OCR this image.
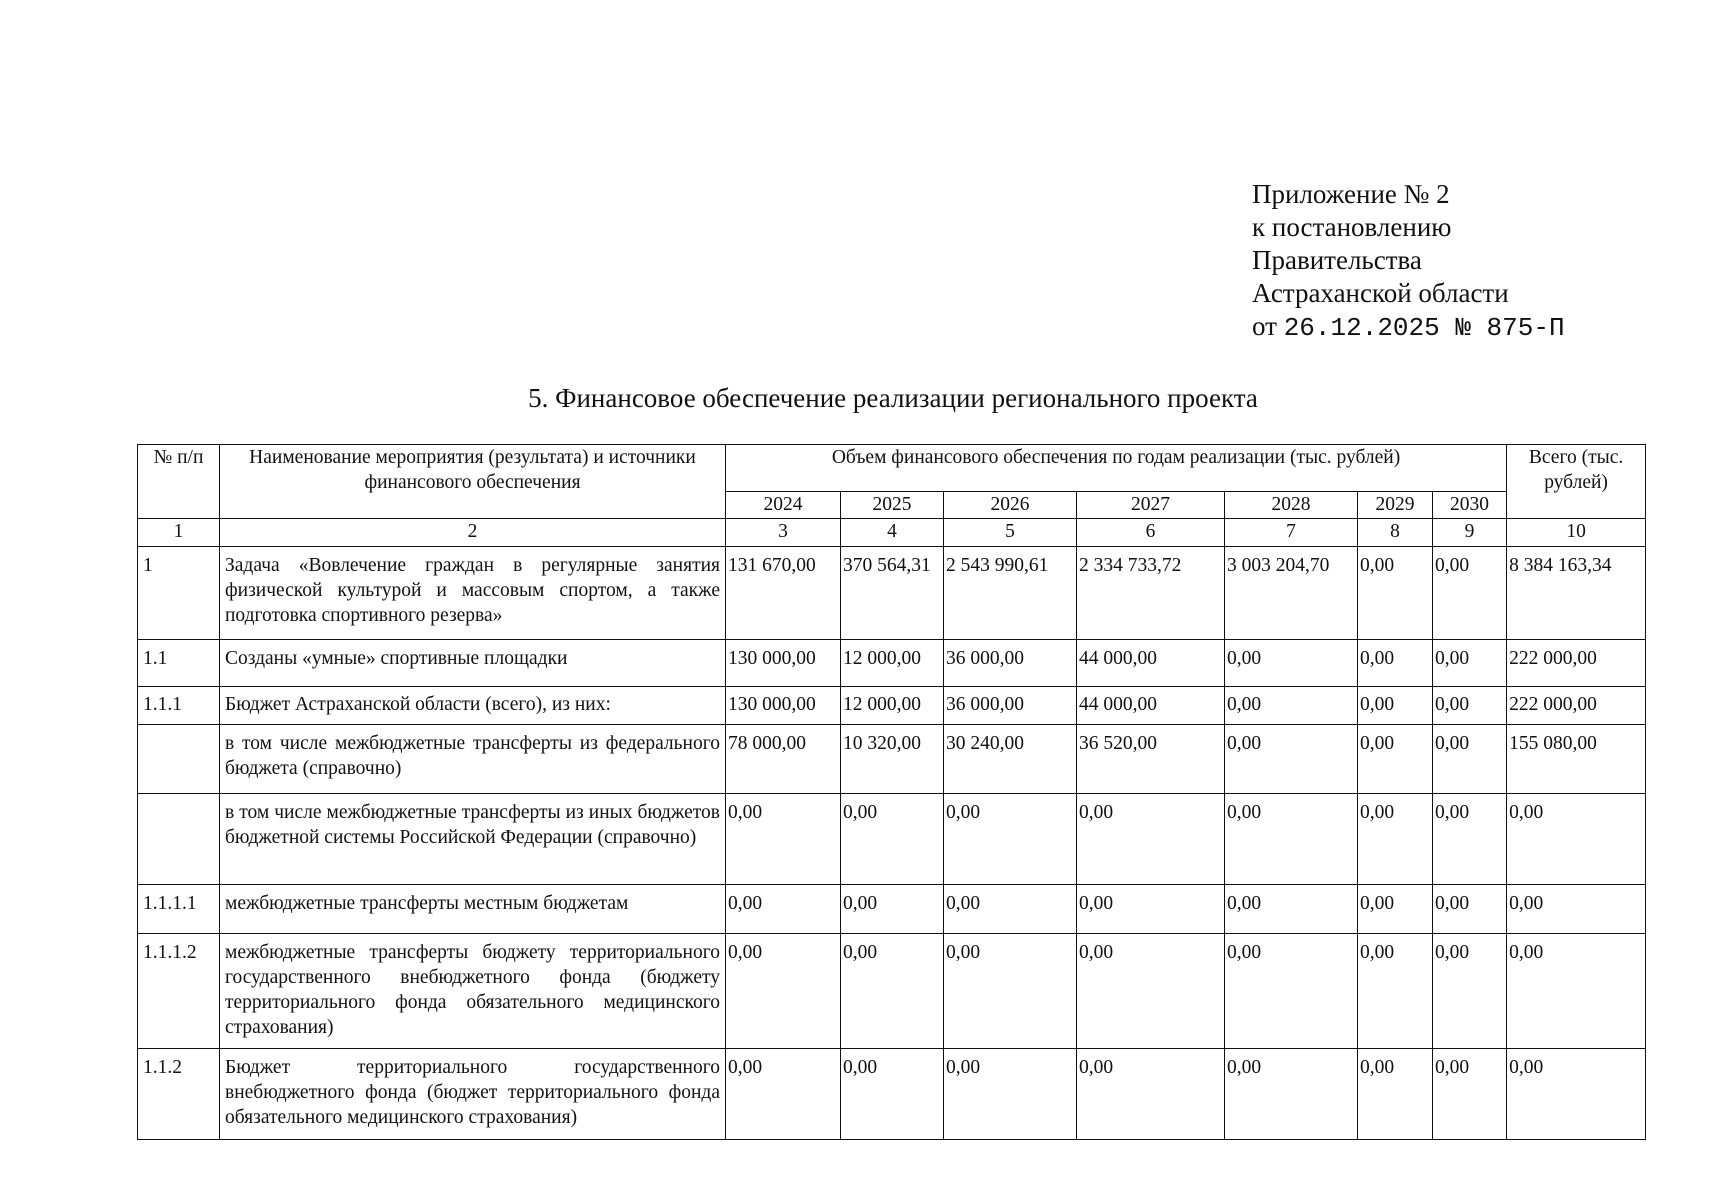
Приложение № 2
к постановлению
Правительства
Астраханской области
от 26.12.2025 № 875-П
5. Финансовое обеспечение реализации регионального проекта
№ п/п	Наименование мероприятия (результата) и источники финансового обеспечения	Объем финансового обеспечения по годам реализации (тыс. рублей)							Всего (тыс. рублей)
		2024	2025	2026	2027	2028	2029	2030	
1	2	3	4	5	6	7	8	9	10
1	Задача «Вовлечение граждан в регулярные занятия физической культурой и массовым спортом, а также подготовка спортивного резерва»	131 670,00	370 564,31	2 543 990,61	2 334 733,72	3 003 204,70	0,00	0,00	8 384 163,34
1.1	Созданы «умные» спортивные площадки	130 000,00	12 000,00	36 000,00	44 000,00	0,00	0,00	0,00	222 000,00
1.1.1	Бюджет Астраханской области (всего), из них:	130 000,00	12 000,00	36 000,00	44 000,00	0,00	0,00	0,00	222 000,00
	в том числе межбюджетные трансферты из федерального бюджета (справочно)	78 000,00	10 320,00	30 240,00	36 520,00	0,00	0,00	0,00	155 080,00
	в том числе межбюджетные трансферты из иных бюджетов бюджетной системы Российской Федерации (справочно)	0,00	0,00	0,00	0,00	0,00	0,00	0,00	0,00
1.1.1.1	межбюджетные трансферты местным бюджетам	0,00	0,00	0,00	0,00	0,00	0,00	0,00	0,00
1.1.1.2	межбюджетные трансферты бюджету территориального государственного внебюджетного фонда (бюджету территориального фонда обязательного медицинского страхования)	0,00	0,00	0,00	0,00	0,00	0,00	0,00	0,00
1.1.2	Бюджет территориального государственного внебюджетного фонда (бюджет территориального фонда обязательного медицинского страхования)	0,00	0,00	0,00	0,00	0,00	0,00	0,00	0,00
